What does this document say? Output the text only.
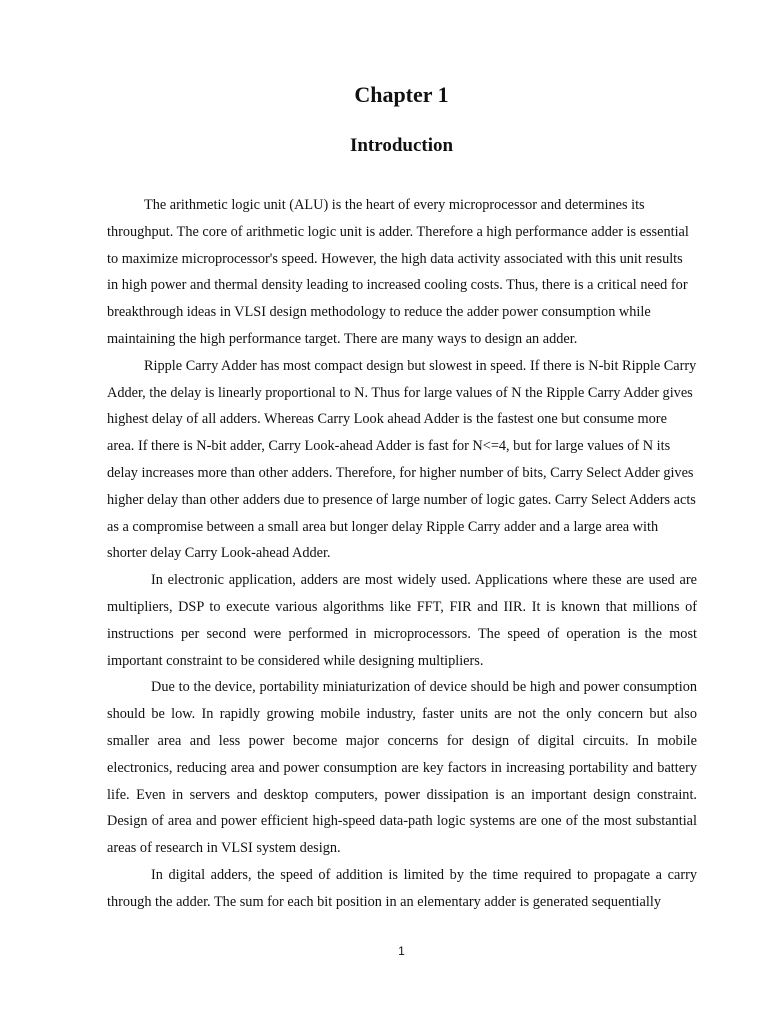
Chapter 1
Introduction

The arithmetic logic unit (ALU) is the heart of every microprocessor and determines its throughput. The core of arithmetic logic unit is adder. Therefore a high performance adder is essential to maximize microprocessor's speed. However, the high data activity associated with this unit results in high power and thermal density leading to increased cooling costs. Thus, there is a critical need for breakthrough ideas in VLSI design methodology to reduce the adder power consumption while maintaining the high performance target. There are many ways to design an adder.

Ripple Carry Adder has most compact design but slowest in speed. If there is N-bit Ripple Carry Adder, the delay is linearly proportional to N. Thus for large values of N the Ripple Carry Adder gives highest delay of all adders. Whereas Carry Look ahead Adder is the fastest one but consume more area. If there is N-bit adder, Carry Look-ahead Adder is fast for N<=4, but for large values of N its delay increases more than other adders. Therefore, for higher number of bits, Carry Select Adder gives higher delay than other adders due to presence of large number of logic gates. Carry Select Adders acts as a compromise between a small area but longer delay Ripple Carry adder and a large area with shorter delay Carry Look-ahead Adder.

In electronic application, adders are most widely used. Applications where these are used are multipliers, DSP to execute various algorithms like FFT, FIR and IIR. It is known that millions of instructions per second were performed in microprocessors. The speed of operation is the most important constraint to be considered while designing multipliers.

Due to the device, portability miniaturization of device should be high and power consumption should be low. In rapidly growing mobile industry, faster units are not the only concern but also smaller area and less power become major concerns for design of digital circuits. In mobile electronics, reducing area and power consumption are key factors in increasing portability and battery life. Even in servers and desktop computers, power dissipation is an important design constraint. Design of area and power efficient high-speed data-path logic systems are one of the most substantial areas of research in VLSI system design.

In digital adders, the speed of addition is limited by the time required to propagate a carry through the adder. The sum for each bit position in an elementary adder is generated sequentially

1
